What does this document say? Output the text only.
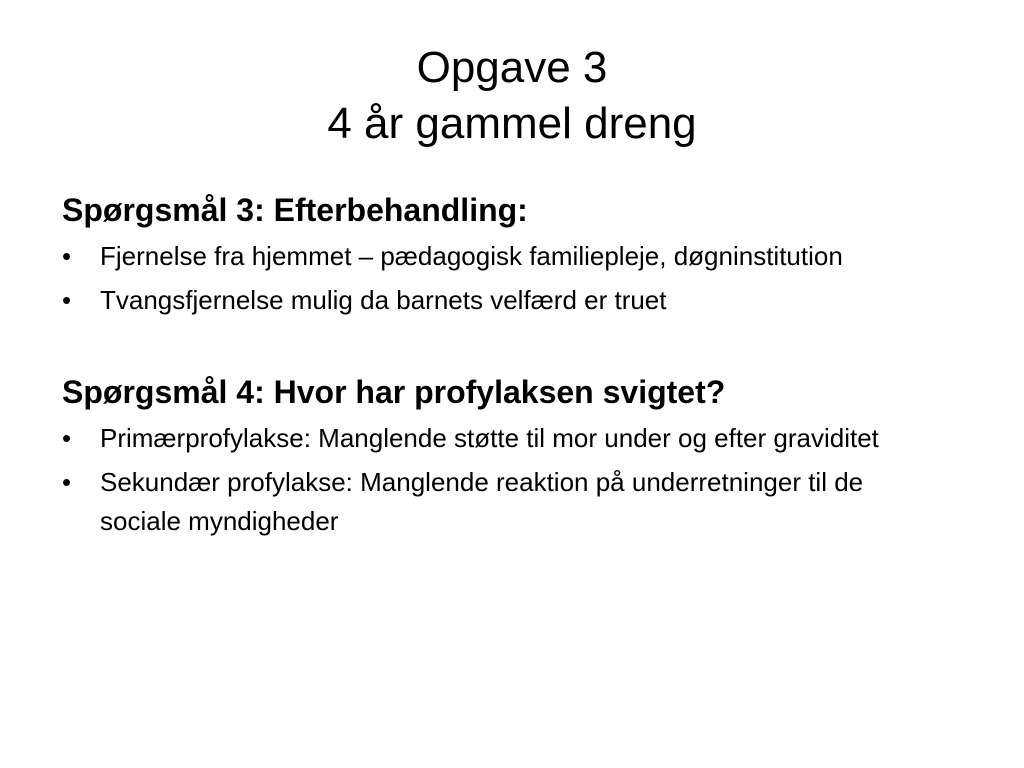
Opgave 3
4 år gammel dreng

Spørgsmål 3: Efterbehandling:

•	Fjernelse fra hjemmet – pædagogisk familiepleje, døgninstitution
•	Tvangsfjernelse mulig da barnets velfærd er truet

Spørgsmål 4: Hvor har profylaksen svigtet?

•	Primærprofylakse: Manglende støtte til mor under og efter graviditet
•	Sekundær profylakse: Manglende reaktion på underretninger til de sociale myndigheder
